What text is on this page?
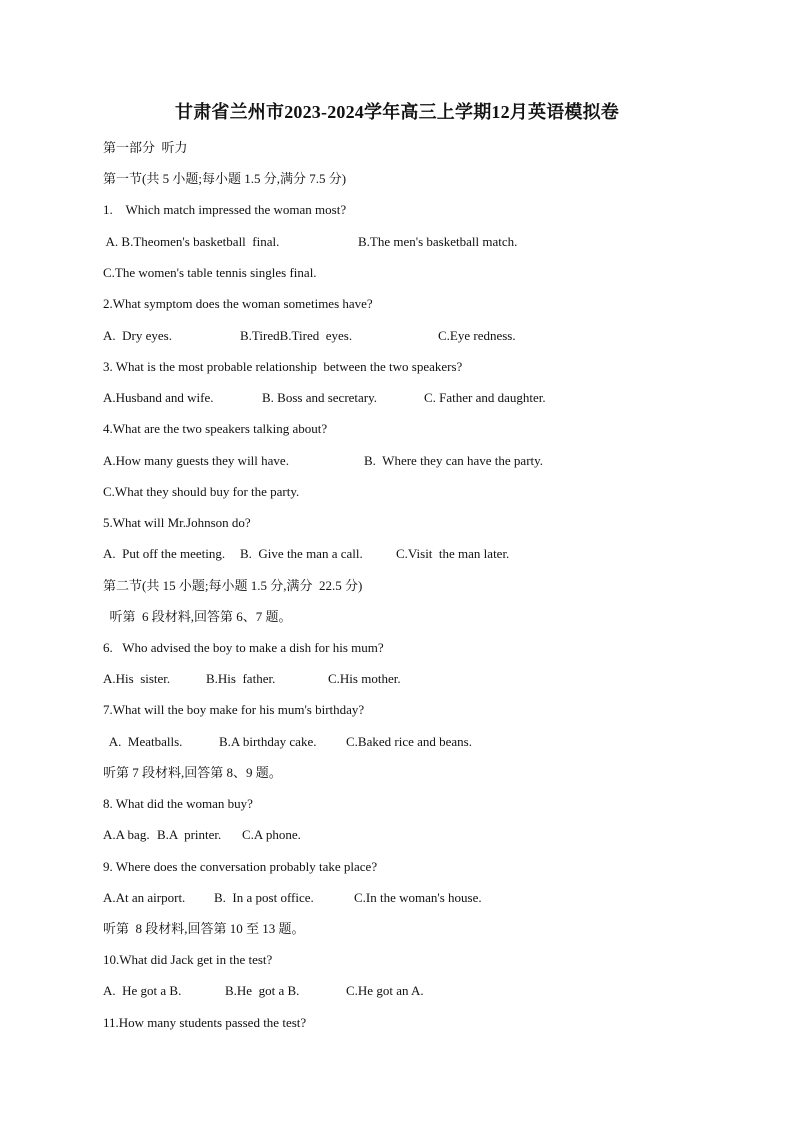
甘肃省兰州市2023-2024学年高三上学期12月英语模拟卷
第一部分  听力
第一节(共 5 小题;每小题 1.5 分,满分 7.5 分)
1.    Which match impressed the woman most?
A. B.Theomen's basketball  final.	B.The men's basketball match.
C.The women's table tennis singles final.
2.What symptom does the woman sometimes have?
A.  Dry eyes.	B.TiredB.Tired  eyes.	C.Eye redness.
3. What is the most probable relationship  between the two speakers?
A.Husband and wife.	B. Boss and secretary.	C. Father and daughter.
4.What are the two speakers talking about?
A.How many guests they will have.	B.  Where they can have the party.
C.What they should buy for the party.
5.What will Mr.Johnson do?
A.  Put off the meeting. B.  Give the man a call.	C.Visit  the man later.
第二节(共 15 小题;每小题 1.5 分,满分  22.5 分)
听第  6 段材料,回答第 6、7 题。
6.   Who advised the boy to make a dish for his mum?
A.His  sister.	B.His  father.	C.His mother.
7.What will the boy make for his mum's birthday?
A.  Meatballs.	B.A birthday cake. C.Baked rice and beans.
听第 7 段材料,回答第 8、9 题。
8. What did the woman buy?
A.A bag. B.A  printer. C.A phone.
9. Where does the conversation probably take place?
A.At an airport. B.  In a post office.	C.In the woman's house.
听第  8 段材料,回答第 10 至 13 题。
10.What did Jack get in the test?
A.  He got a B.	B.He  got a B.	C.He got an A.
11.How many students passed the test?
